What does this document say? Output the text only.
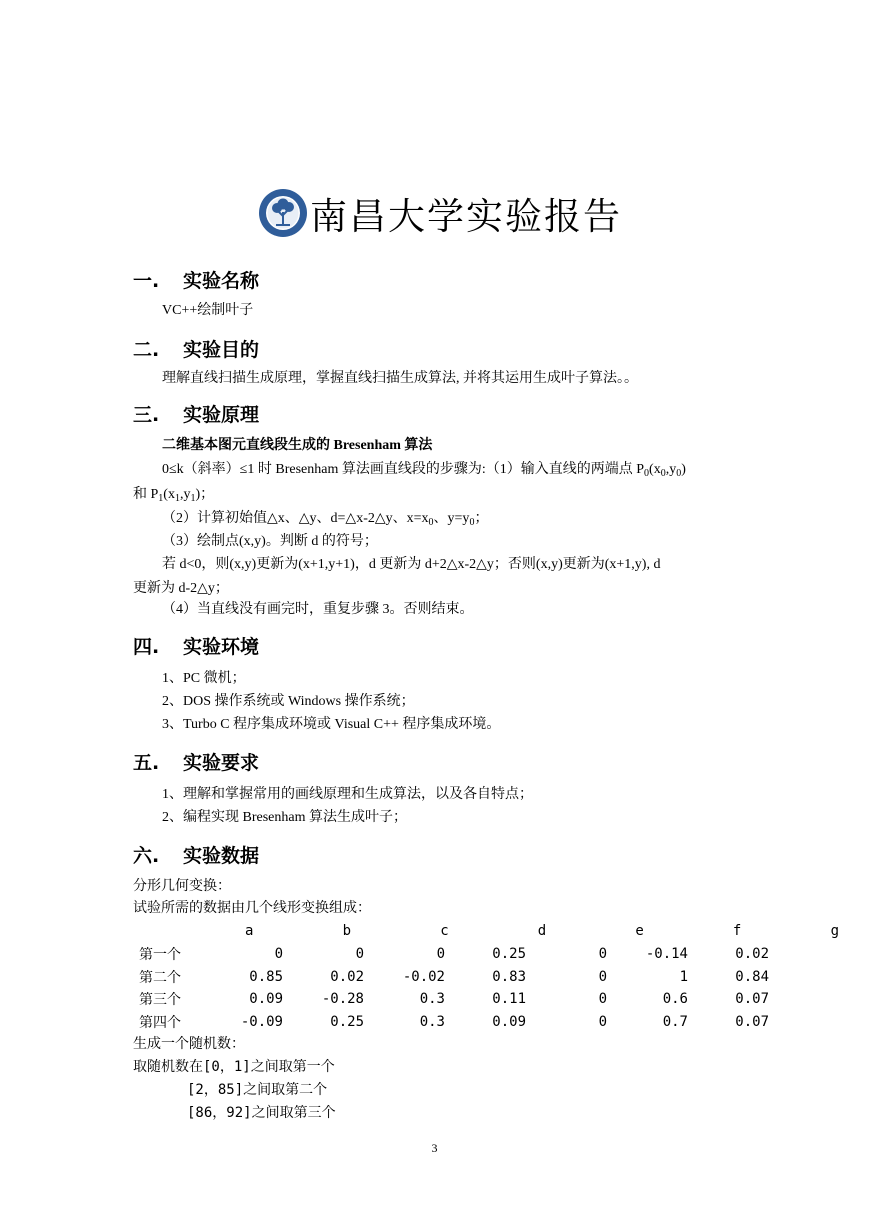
南昌大学实验报告
一. 实验名称
VC++绘制叶子
二. 实验目的
理解直线扫描生成原理，掌握直线扫描生成算法, 并将其运用生成叶子算法。。
三. 实验原理
二维基本图元直线段生成的 Bresenham 算法
0≤k（斜率）≤1 时 Bresenham 算法画直线段的步骤为:（1）输入直线的两端点 $P_0(x_0,y_0)$
和 $P_1(x_1,y_1)$；
（2）计算初始值△x、△y、d=△x-2△y、$x=x_0$、$y=y_0$；
（3）绘制点(x,y)。判断 d 的符号；
若 d<0，则(x,y)更新为(x+1,y+1)，d 更新为 d+2△x-2△y；否则(x,y)更新为(x+1,y), d
更新为 d-2△y；
（4）当直线没有画完时，重复步骤 3。否则结束。
四. 实验环境
1、PC 微机；
2、DOS 操作系统或 Windows 操作系统；
3、Turbo C 程序集成环境或 Visual C++ 程序集成环境。
五. 实验要求
1、理解和掌握常用的画线原理和生成算法，以及各自特点；
2、编程实现 Bresenham 算法生成叶子；
六. 实验数据
分形几何变换：
试验所需的数据由几个线形变换组成：
	a	b	c	d	e	f	g
第一个	0	0	0	0.25	0	-0.14	0.02
第二个	0.85	0.02	-0.02	0.83	0	1	0.84
第三个	0.09	-0.28	0.3	0.11	0	0.6	0.07
第四个	-0.09	0.25	0.3	0.09	0	0.7	0.07
生成一个随机数：
取随机数在[0，1]之间取第一个
[2，85]之间取第二个
[86，92]之间取第三个
3
